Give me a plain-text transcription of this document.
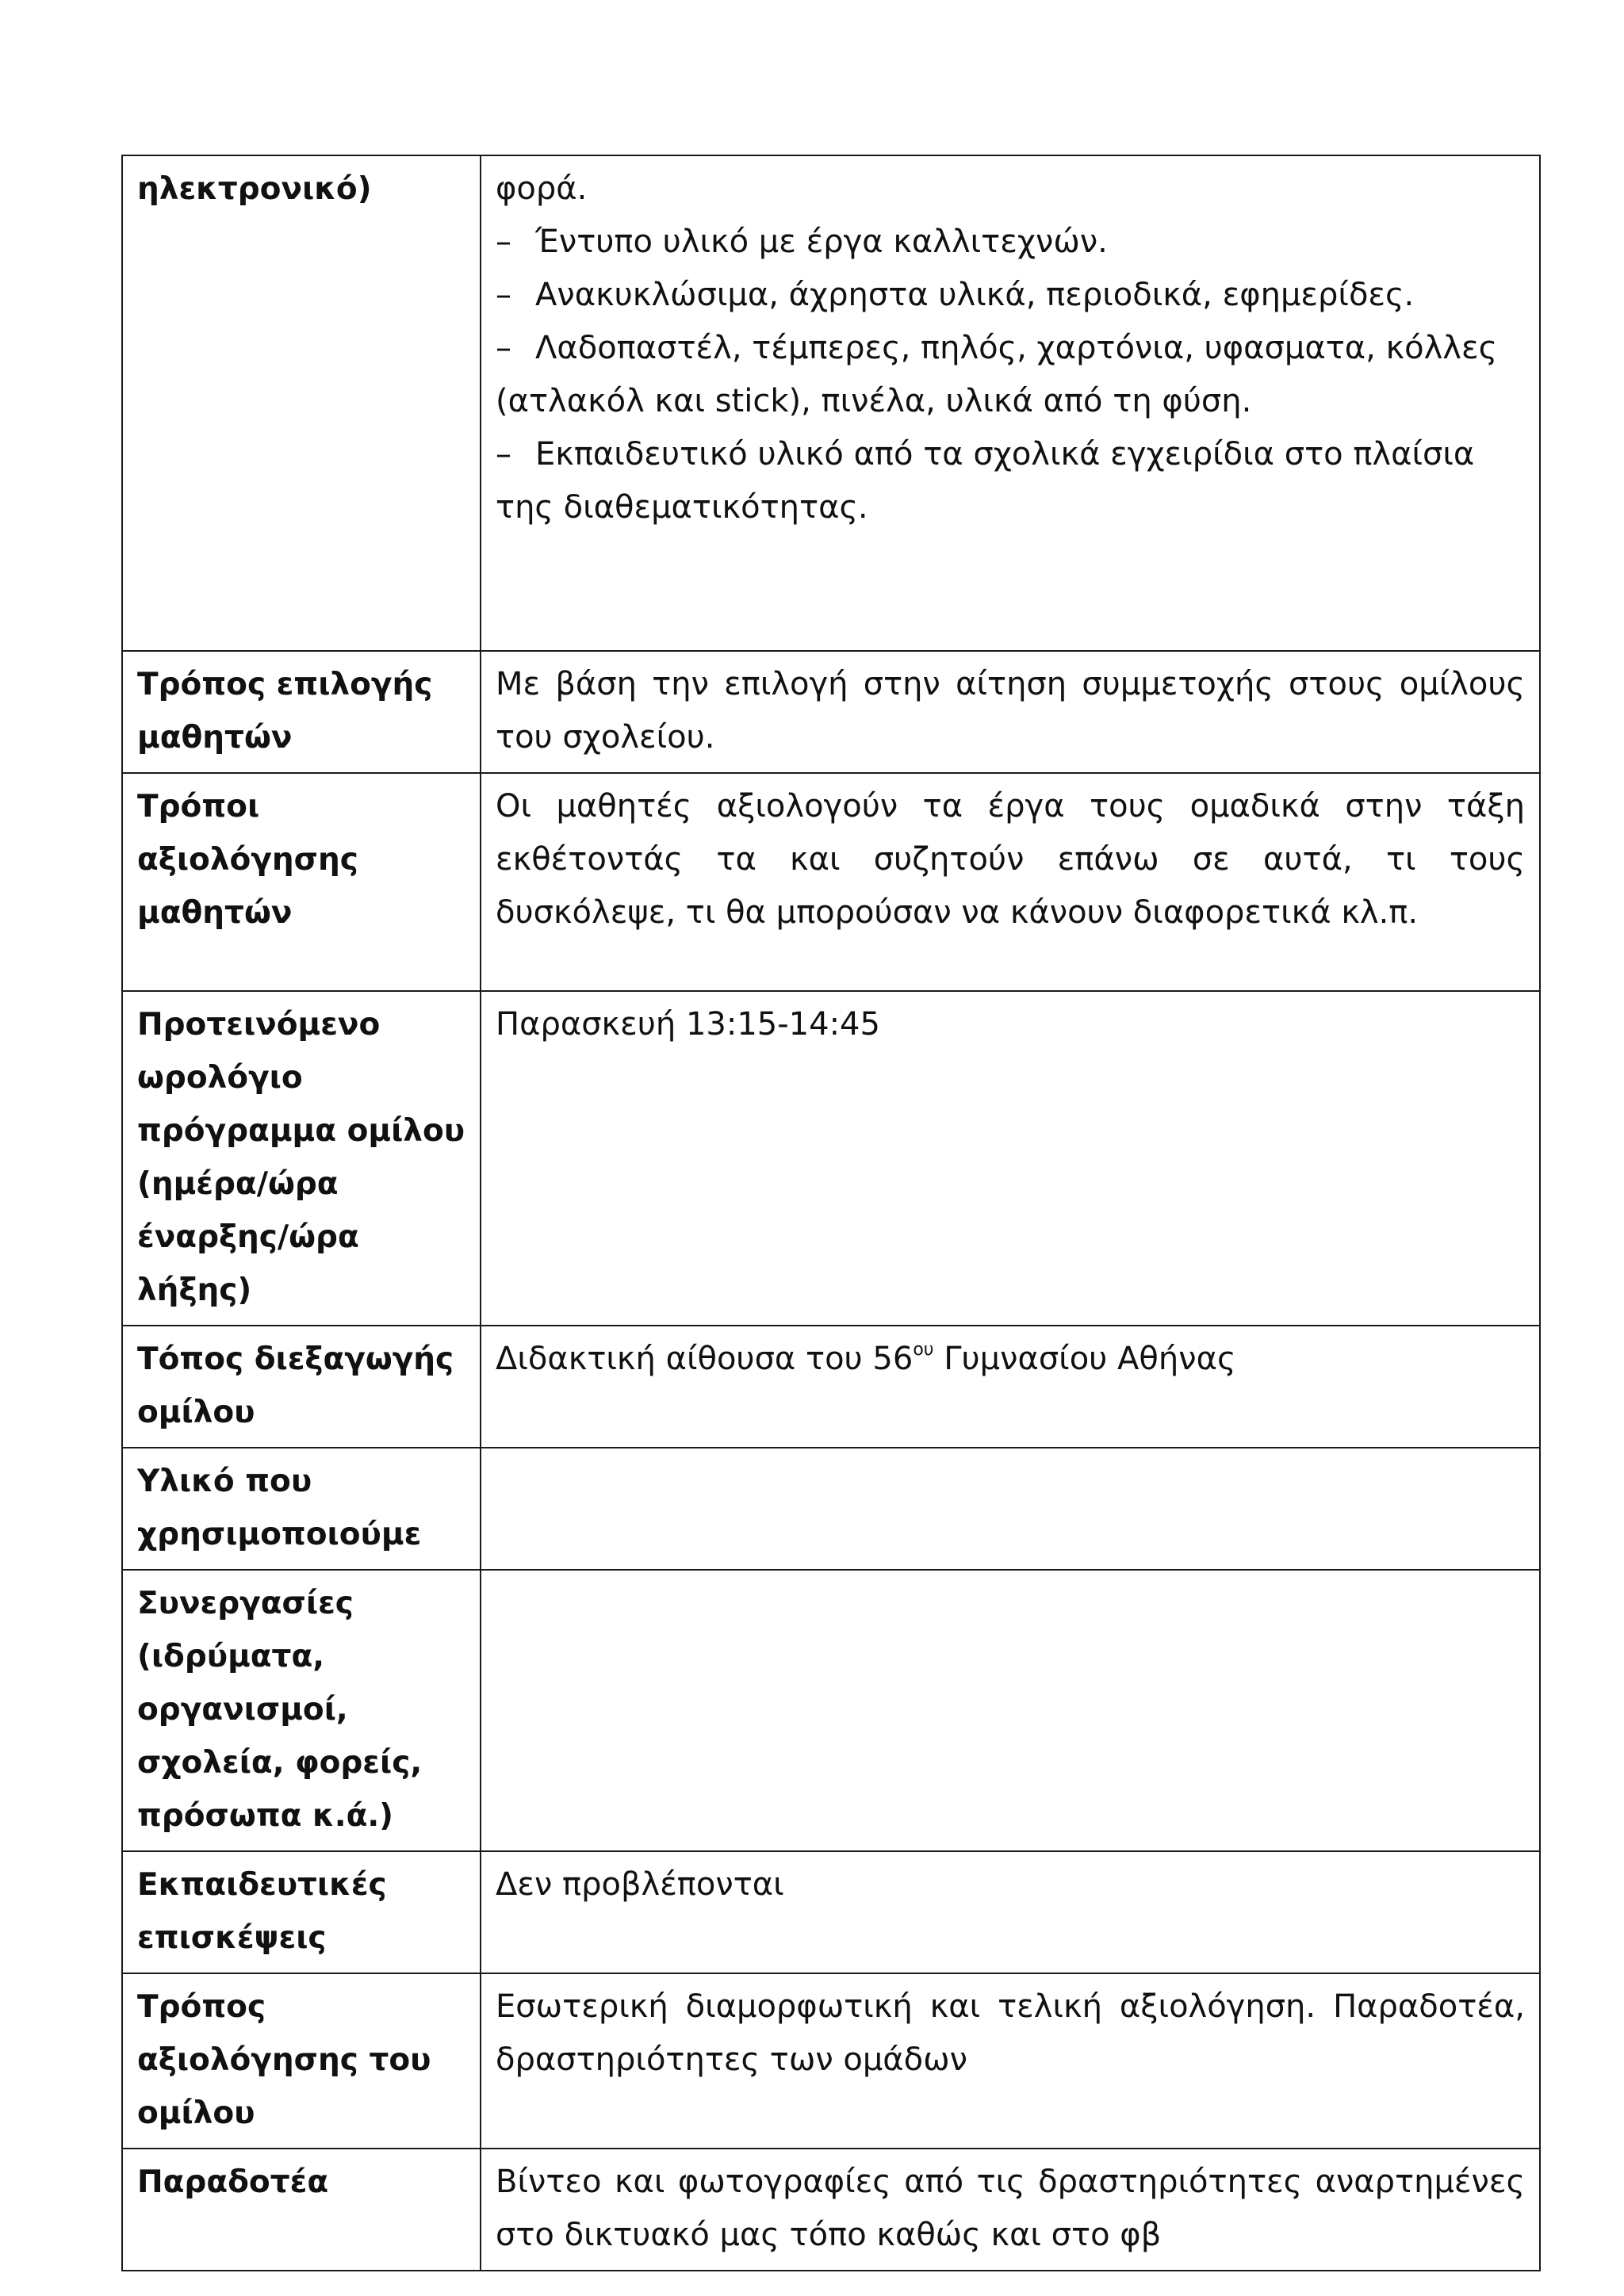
ηλεκτρονικό)	φορά.
– Έντυπο υλικό με έργα καλλιτεχνών.
– Ανακυκλώσιμα, άχρηστα υλικά, περιοδικά, εφημερίδες.
– Λαδοπαστέλ, τέμπερες, πηλός, χαρτόνια, υφασματα, κόλλες (ατλακόλ και stick), πινέλα, υλικά από τη φύση.
– Εκπαιδευτικό υλικό από τα σχολικά εγχειρίδια στο πλαίσια της διαθεματικότητας.

Τρόπος επιλογής μαθητών	Με βάση την επιλογή στην αίτηση συμμετοχής στους ομίλους του σχολείου.

Τρόποι αξιολόγησης μαθητών	Οι μαθητές αξιολογούν τα έργα τους ομαδικά στην τάξη εκθέτοντάς τα και συζητούν επάνω σε αυτά, τι τους δυσκόλεψε, τι θα μπορούσαν να κάνουν διαφορετικά κλ.π.

Προτεινόμενο ωρολόγιο πρόγραμμα ομίλου (ημέρα/ώρα έναρξης/ώρα λήξης)	Παρασκευή 13:15-14:45
Τόπος διεξαγωγής ομίλου	Διδακτική αίθουσα του $56^{o\upsilon}$ Γυμνασίου Αθήνας
Υλικό που χρησιμοποιούμε	
Συνεργασίες (ιδρύματα, οργανισμοί, σχολεία, φορείς, πρόσωπα κ.ά.)	
Εκπαιδευτικές επισκέψεις	Δεν προβλέπονται
Τρόπος αξιολόγησης του ομίλου	Εσωτερική διαμορφωτική και τελική αξιολόγηση. Παραδοτέα, δραστηριότητες των ομάδων

Παραδοτέα	Βίντεο και φωτογραφίες από τις δραστηριότητες αναρτημένες στο δικτυακό μας τόπο καθώς και στο φβ
